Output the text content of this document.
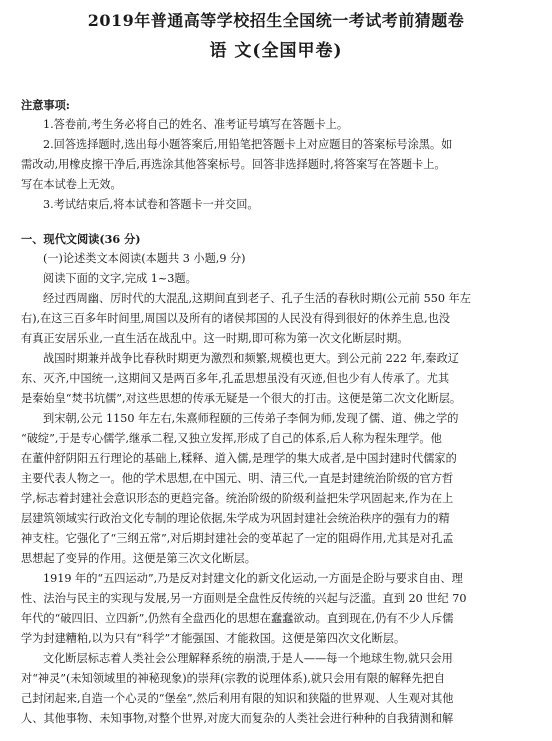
2019年普通高等学校招生全国统一考试考前猜题卷
语 文(全国甲卷)
注意事项:
1.答卷前,考生务必将自己的姓名、准考证号填写在答题卡上。
2.回答选择题时,选出每小题答案后,用铅笔把答题卡上对应题目的答案标号涂黑。如
需改动,用橡皮擦干净后,再选涂其他答案标号。回答非选择题时,将答案写在答题卡上。
写在本试卷上无效。
3.考试结束后,将本试卷和答题卡一并交回。
一、现代文阅读(36 分)
(一)论述类文本阅读(本题共 3 小题,9 分)
阅读下面的文字,完成 1~3题。
经过西周幽、厉时代的大混乱,这期间直到老子、孔子生活的春秋时期(公元前 550 年左
右),在这三百多年时间里,周国以及所有的诸侯邦国的人民没有得到很好的休养生息,也没
有真正安居乐业,一直生活在战乱中。这一时期,即可称为第一次文化断层时期。
战国时期兼并战争比春秋时期更为激烈和频繁,规模也更大。到公元前 222 年,秦政辽
东、灭齐,中国统一,这期间又是两百多年,孔孟思想虽没有灭迹,但也少有人传承了。尤其
是秦始皇“焚书坑儒”,对这些思想的传承无疑是一个很大的打击。这便是第二次文化断层。
到宋朝,公元 1150 年左右,朱熹师程颐的三传弟子李侗为师,发现了儒、道、佛之学的
“破绽”,于是专心儒学,继承二程,又独立发挥,形成了自己的体系,后人称为程朱理学。他
在董仲舒阴阳五行理论的基础上,糅释、道入儒,是理学的集大成者,是中国封建时代儒家的
主要代表人物之一。他的学术思想,在中国元、明、清三代,一直是封建统治阶级的官方哲
学,标志着封建社会意识形态的更趋完备。统治阶级的阶级利益把朱学巩固起来,作为在上
层建筑领域实行政治文化专制的理论依据,朱学成为巩固封建社会统治秩序的强有力的精
神支柱。它强化了“三纲五常”,对后期封建社会的变革起了一定的阻碍作用,尤其是对孔孟
思想起了变异的作用。这便是第三次文化断层。
1919 年的“五四运动”,乃是反对封建文化的新文化运动,一方面是企盼与要求自由、理
性、法治与民主的实现与发展,另一方面则是全盘性反传统的兴起与泛滥。直到 20 世纪 70
年代的“破四旧、立四新”,仍然有全盘西化的思想在蠢蠢欲动。直到现在,仍有不少人斥儒
学为封建糟粕,以为只有“科学”才能强国、才能救国。这便是第四次文化断层。
文化断层标志着人类社会公理解释系统的崩溃,于是人——每一个地球生物,就只会用
对“神灵”(未知领域里的神秘现象)的崇拜(宗教的说理体系),就只会用有限的解释先把自
己封闭起来,自造一个心灵的“堡垒”,然后利用有限的知识和狭隘的世界观、人生观对其他
人、其他事物、未知事物,对整个世界,对庞大而复杂的人类社会进行种种的自我猜测和解
